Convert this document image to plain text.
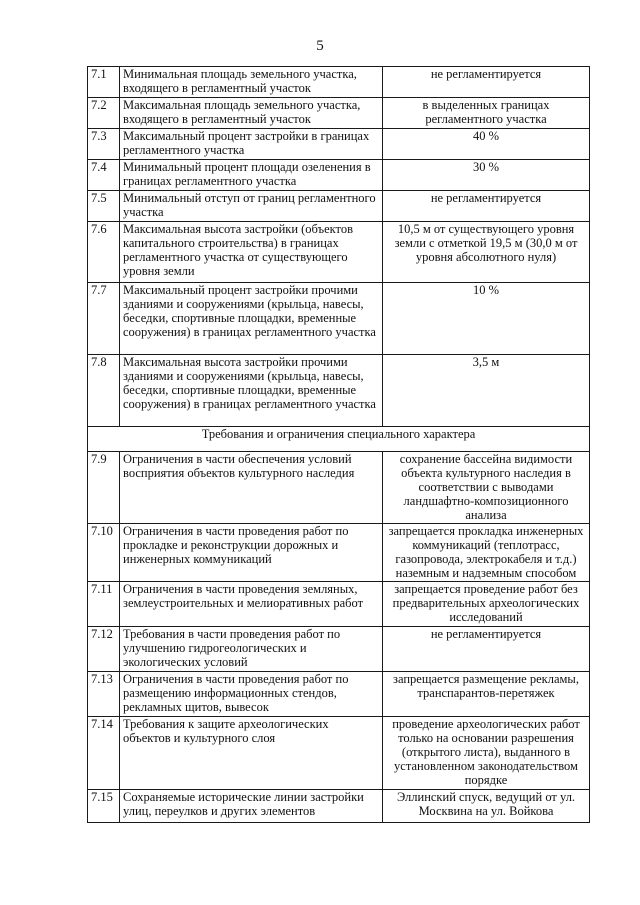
5
7.1	Минимальная площадь земельного участка, входящего в регламентный участок	не регламентируется
7.2	Максимальная площадь земельного участка, входящего в регламентный участок	в выделенных границах регламентного участка
7.3	Максимальный процент застройки в границах регламентного участка	40 %
7.4	Минимальный процент площади озеленения в границах регламентного участка	30 %
7.5	Минимальный отступ от границ регламентного участка	не регламентируется
7.6	Максимальная высота застройки (объектов капитального строительства) в границах регламентного участка от существующего уровня земли	10,5 м от существующего уровня земли с отметкой 19,5 м (30,0 м от уровня абсолютного нуля)
7.7	Максимальный процент застройки прочими зданиями и сооружениями (крыльца, навесы, беседки, спортивные площадки, временные сооружения) в границах регламентного участка	10 %
7.8	Максимальная высота застройки прочими зданиями и сооружениями (крыльца, навесы, беседки, спортивные площадки, временные сооружения) в границах регламентного участка	3,5 м
Требования и ограничения специального характера		
7.9	Ограничения в части обеспечения условий восприятия объектов культурного наследия	сохранение бассейна видимости объекта культурного наследия в соответствии с выводами ландшафтно-композиционного анализа
7.10	Ограничения в части проведения работ по прокладке и реконструкции дорожных и инженерных коммуникаций	запрещается прокладка инженерных коммуникаций (теплотрасс, газопровода, электрокабеля и т.д.) наземным и надземным способом
7.11	Ограничения в части проведения земляных, землеустроительных и мелиоративных работ	запрещается проведение работ без предварительных археологических исследований
7.12	Требования в части проведения работ по улучшению гидрогеологических и экологических условий	не регламентируется
7.13	Ограничения в части проведения работ по размещению информационных стендов, рекламных щитов, вывесок	запрещается размещение рекламы, транспарантов-перетяжек
7.14	Требования к защите археологических объектов и культурного слоя	проведение археологических работ только на основании разрешения (открытого листа), выданного в установленном законодательством порядке
7.15	Сохраняемые исторические линии застройки улиц, переулков и других элементов	Эллинский спуск, ведущий от ул. Москвина на ул. Войкова
